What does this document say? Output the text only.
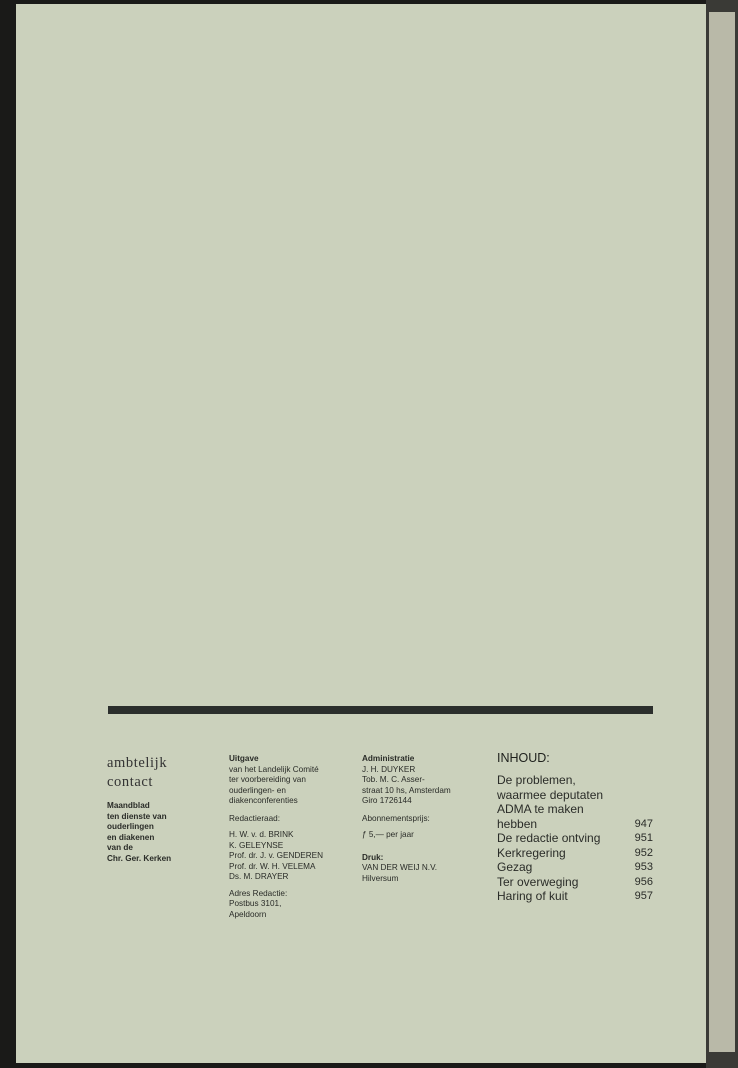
ambtelijk
contact
Maandblad
ten dienste van
ouderlingen
en diakenen
van de
Chr. Ger. Kerken
Uitgave
van het Landelijk Comité
ter voorbereiding van
ouderlingen- en
diakenconferenties
Redactieraad:
H. W. v. d. BRINK
K. GELEYNSE
Prof. dr. J. v. GENDEREN
Prof. dr. W. H. VELEMA
Ds. M. DRAYER
Adres Redactie:
Postbus 3101,
Apeldoorn
Administratie
J. H. DUYKER
Tob. M. C. Asser-
straat 10 hs, Amsterdam
Giro 1726144
Abonnementsprijs:
ƒ 5,— per jaar
Druk:
VAN DER WEIJ N.V.
Hilversum
INHOUD:
De problemen,
waarmee deputaten
ADMA te maken
hebben	947
De redactie ontving	951
Kerkregering	952
Gezag	953
Ter overweging	956
Haring of kuit	957
